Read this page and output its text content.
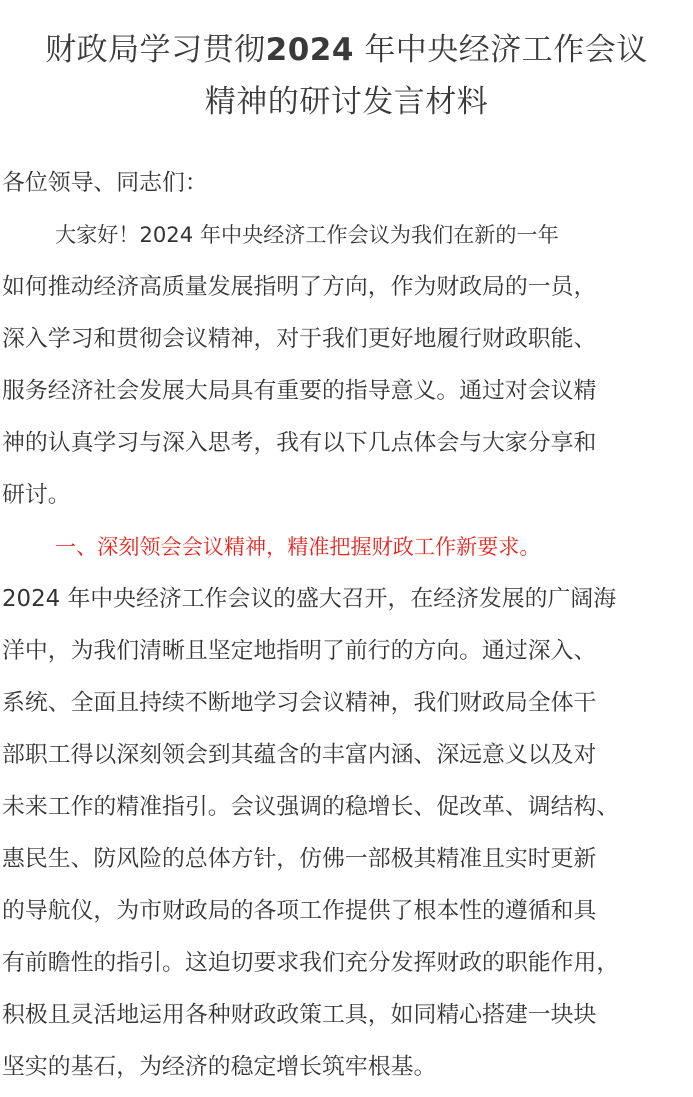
财政局学习贯彻2024 年中央经济工作会议
精神的研讨发言材料
各位领导、同志们：
大家好！2024 年中央经济工作会议为我们在新的一年
如何推动经济高质量发展指明了方向，作为财政局的一员，
深入学习和贯彻会议精神，对于我们更好地履行财政职能、
服务经济社会发展大局具有重要的指导意义。通过对会议精
神的认真学习与深入思考，我有以下几点体会与大家分享和
研讨。
一、深刻领会会议精神，精准把握财政工作新要求。
2024 年中央经济工作会议的盛大召开，在经济发展的广阔海
洋中，为我们清晰且坚定地指明了前行的方向。通过深入、
系统、全面且持续不断地学习会议精神，我们财政局全体干
部职工得以深刻领会到其蕴含的丰富内涵、深远意义以及对
未来工作的精准指引。会议强调的稳增长、促改革、调结构、
惠民生、防风险的总体方针，仿佛一部极其精准且实时更新
的导航仪，为市财政局的各项工作提供了根本性的遵循和具
有前瞻性的指引。这迫切要求我们充分发挥财政的职能作用，
积极且灵活地运用各种财政政策工具，如同精心搭建一块块
坚实的基石，为经济的稳定增长筑牢根基。
